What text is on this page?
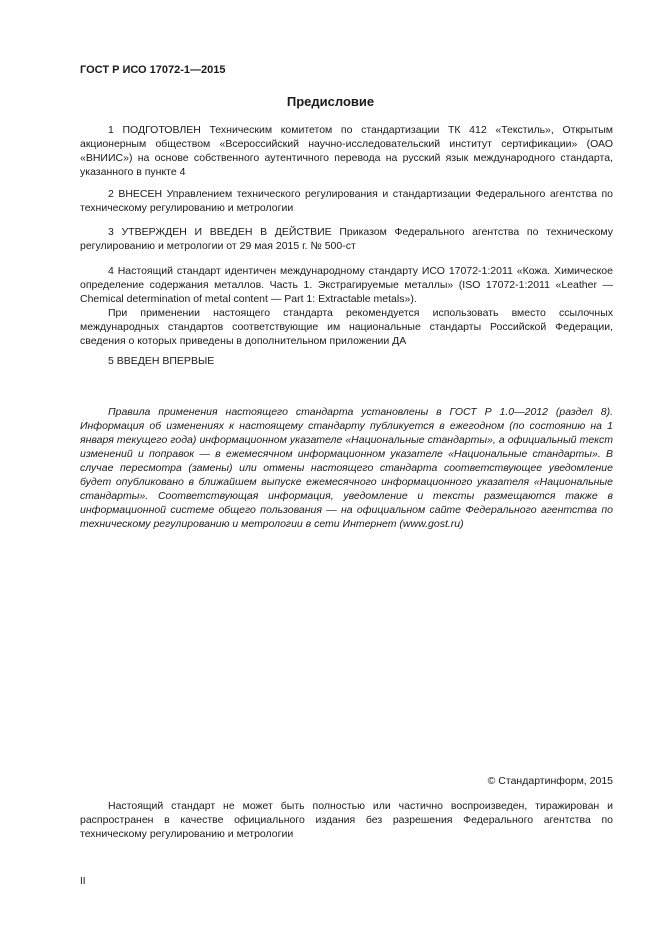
ГОСТ Р ИСО 17072-1—2015
Предисловие

1 ПОДГОТОВЛЕН Техническим комитетом по стандартизации ТК 412 «Текстиль», Открытым акционерным обществом «Всероссийский научно-исследовательский институт сертификации» (ОАО «ВНИИС») на основе собственного аутентичного перевода на русский язык международного стандарта, указанного в пункте 4

2 ВНЕСЕН Управлением технического регулирования и стандартизации Федерального агентства по техническому регулированию и метрологии

3 УТВЕРЖДЕН И ВВЕДЕН В ДЕЙСТВИЕ Приказом Федерального агентства по техническому регулированию и метрологии от 29 мая 2015 г. № 500-ст

4 Настоящий стандарт идентичен международному стандарту ИСО 17072-1:2011 «Кожа. Химическое определение содержания металлов. Часть 1. Экстрагируемые металлы» (ISO 17072-1:2011 «Leather — Chemical determination of metal content — Part 1: Extractable metals»).

При применении настоящего стандарта рекомендуется использовать вместо ссылочных международных стандартов соответствующие им национальные стандарты Российской Федерации, сведения о которых приведены в дополнительном приложении ДА

5 ВВЕДЕН ВПЕРВЫЕ

Правила применения настоящего стандарта установлены в ГОСТ Р 1.0—2012 (раздел 8). Информация об изменениях к настоящему стандарту публикуется в ежегодном (по состоянию на 1 января текущего года) информационном указателе «Национальные стандарты», а официальный текст изменений и поправок — в ежемесячном информационном указателе «Национальные стандарты». В случае пересмотра (замены) или отмены настоящего стандарта соответствующее уведомление будет опубликовано в ближайшем выпуске ежемесячного информационного указателя «Национальные стандарты». Соответствующая информация, уведомление и тексты размещаются также в информационной системе общего пользования — на официальном сайте Федерального агентства по техническому регулированию и метрологии в сети Интернет (www.gost.ru)

© Стандартинформ, 2015

Настоящий стандарт не может быть полностью или частично воспроизведен, тиражирован и распространен в качестве официального издания без разрешения Федерального агентства по техническому регулированию и метрологии

II
